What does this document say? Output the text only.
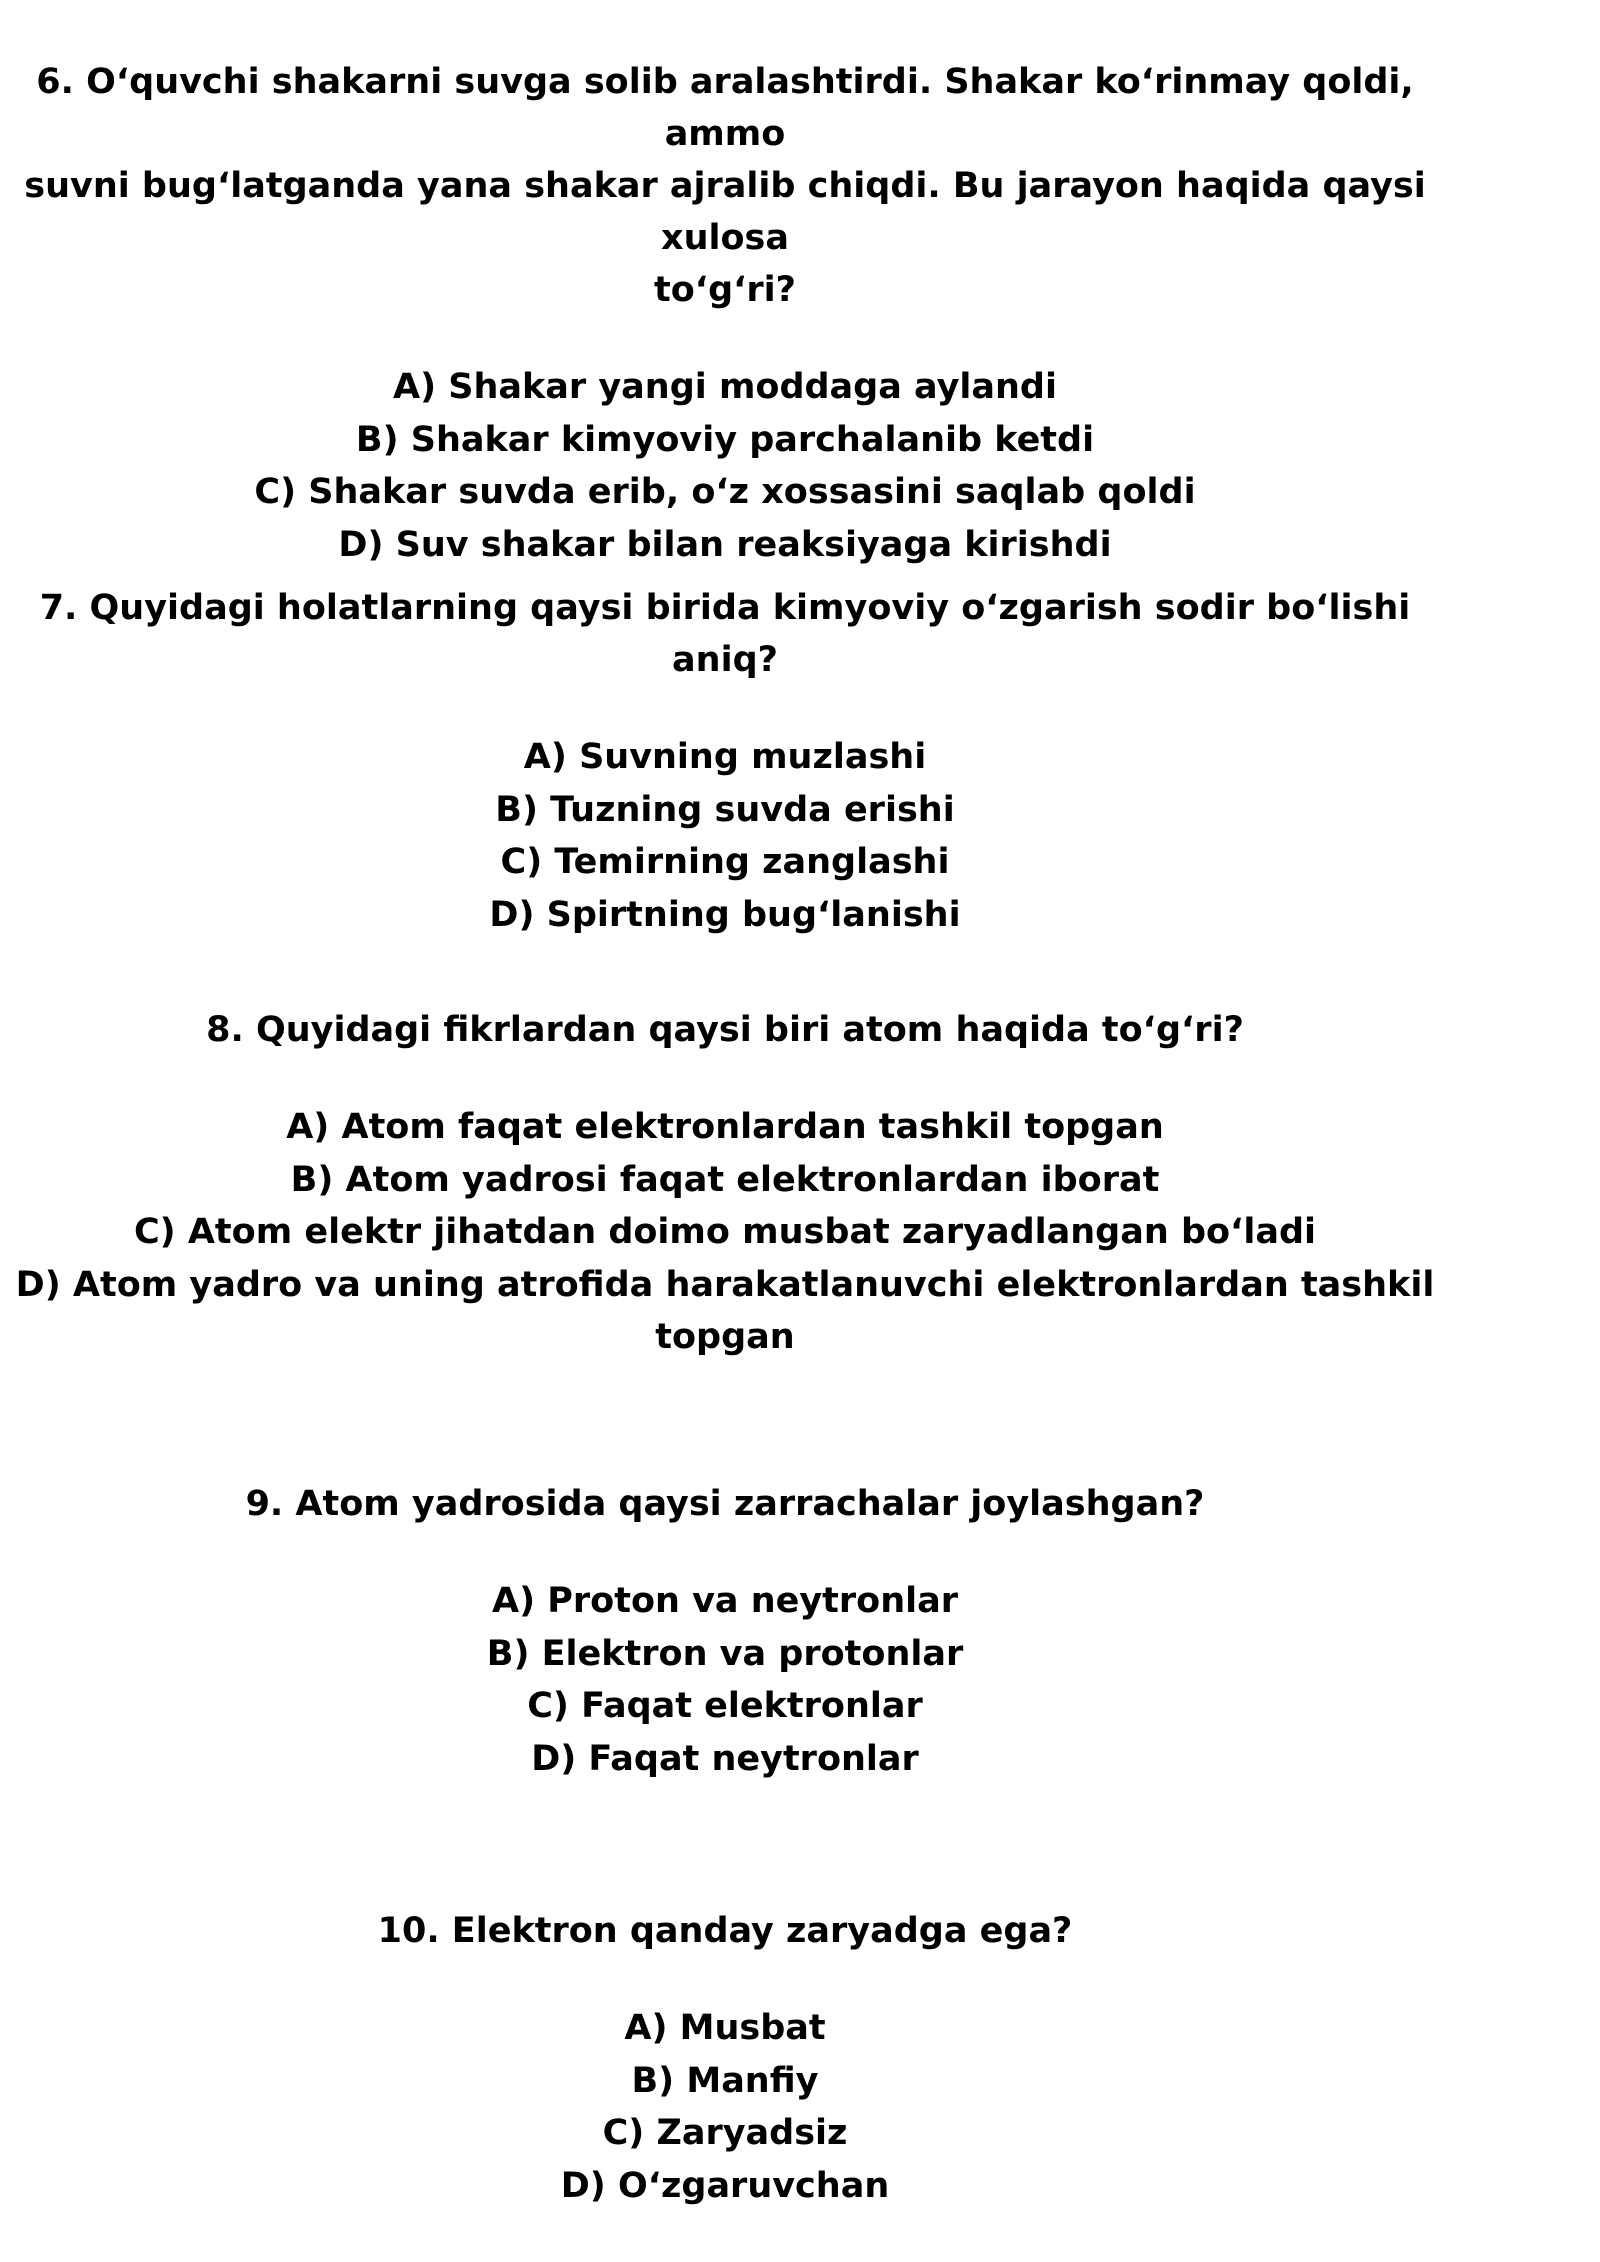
6. O‘quvchi shakarni suvga solib aralashtirdi. Shakar ko‘rinmay qoldi, ammo
suvni bug‘latganda yana shakar ajralib chiqdi. Bu jarayon haqida qaysi xulosa
to‘g‘ri?
A) Shakar yangi moddaga aylandi
B) Shakar kimyoviy parchalanib ketdi
C) Shakar suvda erib, o‘z xossasini saqlab qoldi
D) Suv shakar bilan reaksiyaga kirishdi
7. Quyidagi holatlarning qaysi birida kimyoviy o‘zgarish sodir bo‘lishi aniq?
A) Suvning muzlashi
B) Tuzning suvda erishi
C) Temirning zanglashi
D) Spirtning bug‘lanishi
8. Quyidagi fikrlardan qaysi biri atom haqida to‘g‘ri?
A) Atom faqat elektronlardan tashkil topgan
B) Atom yadrosi faqat elektronlardan iborat
C) Atom elektr jihatdan doimo musbat zaryadlangan bo‘ladi
D) Atom yadro va uning atrofida harakatlanuvchi elektronlardan tashkil
topgan
9. Atom yadrosida qaysi zarrachalar joylashgan?
A) Proton va neytronlar
B) Elektron va protonlar
C) Faqat elektronlar
D) Faqat neytronlar
10. Elektron qanday zaryadga ega?
A) Musbat
B) Manfiy
C) Zaryadsiz
D) O‘zgaruvchan
